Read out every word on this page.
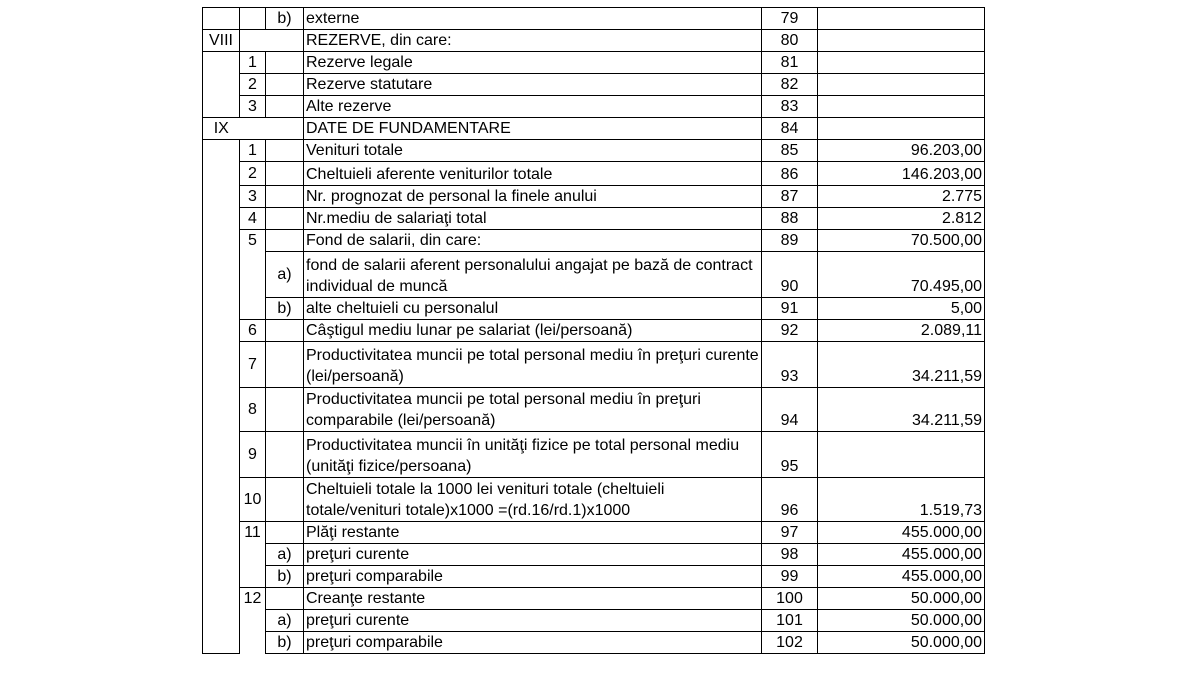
		b)	externe	79	
VIII			REZERVE, din care:	80	
	1		Rezerve legale	81	
	2		Rezerve statutare	82	
	3		Alte rezerve	83	
IX			DATE DE FUNDAMENTARE	84	
	1		Venituri totale	85	96.203,00
	2		Cheltuieli aferente veniturilor totale	86	146.203,00
	3		Nr. prognozat de personal la finele anului	87	2.775
	4		Nr.mediu de salariaţi total	88	2.812
	5		Fond de salarii, din care:	89	70.500,00
		a)	fond de salarii aferent personalului angajat pe bază de contract individual de muncă	90	70.495,00
		b)	alte cheltuieli cu personalul	91	5,00
	6		Câştigul mediu lunar pe salariat (lei/persoană)	92	2.089,11
	7		Productivitatea muncii pe total personal mediu în preţuri curente (lei/persoană)	93	34.211,59
	8		Productivitatea muncii pe total personal mediu în preţuri comparabile (lei/persoană)	94	34.211,59
	9		Productivitatea muncii în unităţi fizice pe total personal mediu (unităţi fizice/persoana)	95	
	10		Cheltuieli totale la 1000 lei venituri totale (cheltuieli totale/venituri totale)x1000 =(rd.16/rd.1)x1000	96	1.519,73
	11		Plăţi restante	97	455.000,00
		a)	preţuri curente	98	455.000,00
		b)	preţuri comparabile	99	455.000,00
	12		Creanţe restante	100	50.000,00
		a)	preţuri curente	101	50.000,00
		b)	preţuri comparabile	102	50.000,00
